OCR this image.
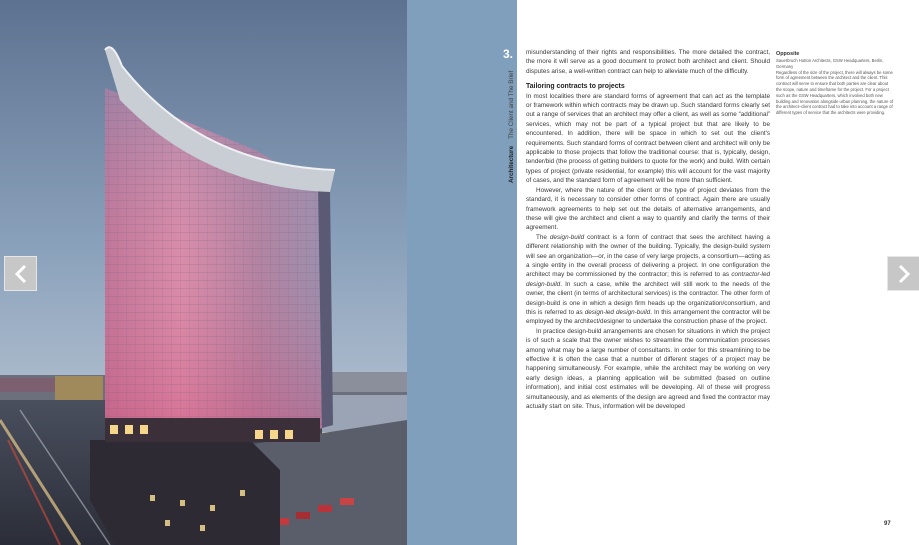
3.
Architecture    The Client and The Brief

misunderstanding of their rights and responsibilities. The more detailed the contract, the more it will serve as a good document to protect both architect and client. Should disputes arise, a well-written contract can help to alleviate much of the difficulty.

Tailoring contracts to projects

In most localities there are standard forms of agreement that can act as the template or framework within which contracts may be drawn up. Such standard forms clearly set out a range of services that an architect may offer a client, as well as some “additional” services, which may not be part of a typical project but that are likely to be encountered. In addition, there will be space in which to set out the client's requirements. Such standard forms of contract between client and architect will only be applicable to those projects that follow the traditional course: that is, typically, design, tender/bid (the process of getting builders to quote for the work) and build. With certain types of project (private residential, for example) this will account for the vast majority of cases, and the standard form of agreement will be more than sufficient.

However, where the nature of the client or the type of project deviates from the standard, it is necessary to consider other forms of contract. Again there are usually framework agreements to help set out the details of alternative arrangements, and these will give the architect and client a way to quantify and clarify the terms of their agreement.

The design-build contract is a form of contract that sees the architect having a different relationship with the owner of the building. Typically, the design-build system will see an organization—or, in the case of very large projects, a consortium—acting as a single entity in the overall process of delivering a project. In one configuration the architect may be commissioned by the contractor; this is referred to as contractor-led design-build. In such a case, while the architect will still work to the needs of the owner, the client (in terms of architectural services) is the contractor. The other form of design-build is one in which a design firm heads up the organization/consortium, and this is referred to as design-led design-build. In this arrangement the contractor will be employed by the architect/designer to undertake the construction phase of the project.

In practice design-build arrangements are chosen for situations in which the project is of such a scale that the owner wishes to streamline the communication processes among what may be a large number of consultants. In order for this streamlining to be effective it is often the case that a number of different stages of a project may be happening simultaneously. For example, while the architect may be working on very early design ideas, a planning application will be submitted (based on outline information), and initial cost estimates will be developing. All of these will progress simultaneously, and as elements of the design are agreed and fixed the contractor may actually start on site. Thus, information will be developed

Opposite
Sauerbruch Hutton Architects, GSW Headquarters, Berlin, Germany
Regardless of the size of the project, there will always be some form of agreement between the architect and the client. This contract will serve to ensure that both parties are clear about the scope, nature and timeframe for the project. For a project such as the GSW Headquarters, which involved both new building and renovation alongside urban planning, the nature of the architect–client contract had to take into account a range of different types of service that the architects were providing.
97
